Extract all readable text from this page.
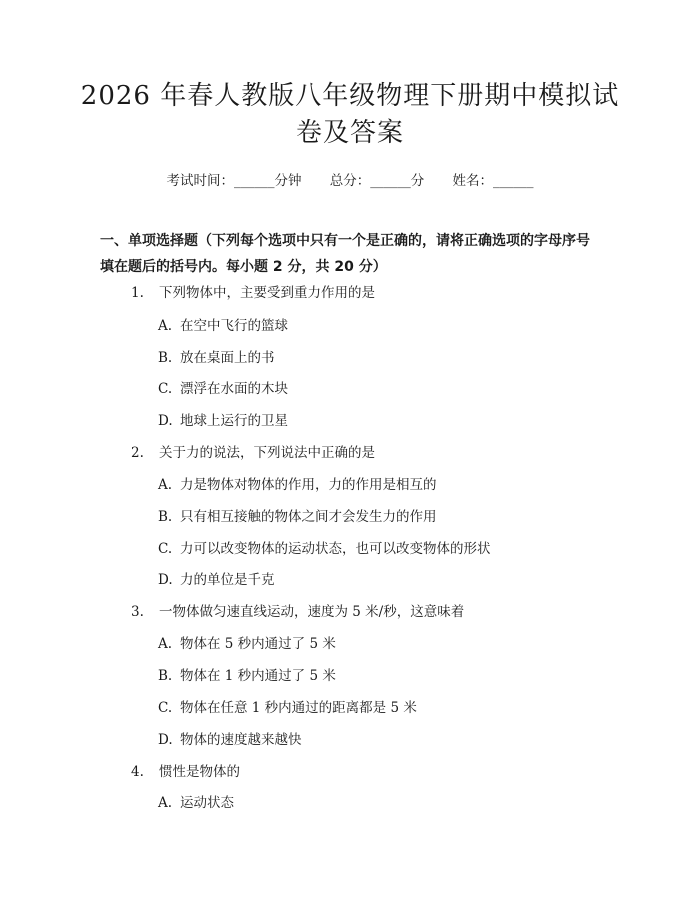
2026 年春人教版八年级物理下册期中模拟试
卷及答案
考试时间：______分钟 总分：______分 姓名：______
一、单项选择题（下列每个选项中只有一个是正确的，请将正确选项的字母序号填在题后的括号内。每小题 2 分，共 20 分）
1. 下列物体中，主要受到重力作用的是
A. 在空中飞行的篮球
B. 放在桌面上的书
C. 漂浮在水面的木块
D. 地球上运行的卫星
2. 关于力的说法，下列说法中正确的是
A. 力是物体对物体的作用，力的作用是相互的
B. 只有相互接触的物体之间才会发生力的作用
C. 力可以改变物体的运动状态，也可以改变物体的形状
D. 力的单位是千克
3. 一物体做匀速直线运动，速度为 5 米/秒，这意味着
A. 物体在 5 秒内通过了 5 米
B. 物体在 1 秒内通过了 5 米
C. 物体在任意 1 秒内通过的距离都是 5 米
D. 物体的速度越来越快
4. 惯性是物体的
A. 运动状态
